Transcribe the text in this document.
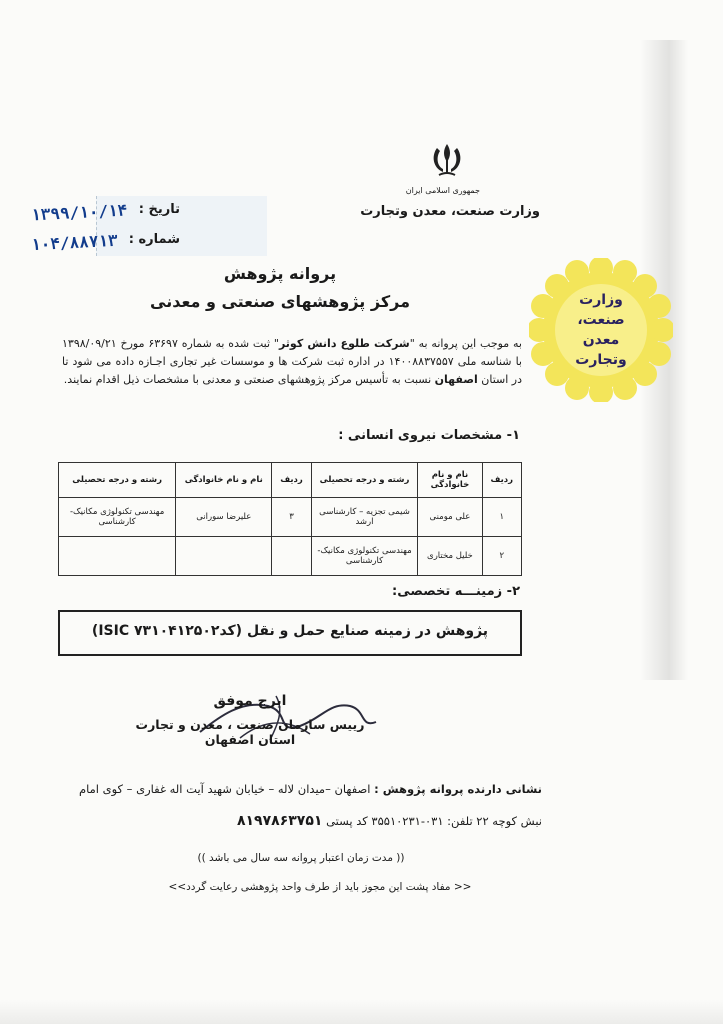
جمهوری اسلامی ایران
وزارت صنعت، معدن وتجارت
تاریخ :
۱۳۹۹/۱۰/۱۴
شماره :
۱۰۴/۸۸۷۱۳
وزارت
صنعت، معدن
وتجارت
پروانه پژوهش
مرکز پژوهشهای صنعتی و معدنی
به موجب این پروانه به "شرکت طلوع دانش کوثر" ثبت شده به شماره ۶۳۶۹۷ مورخ ۱۳۹۸/۰۹/۲۱ با شناسه ملی ۱۴۰۰۸۸۳۷۵۵۷ در اداره ثبت شرکت ها و موسسات غیر تجاری اجـازه داده می شود تا در استان اصفهان نسبت به تأسیس مرکز پژوهشهای صنعتی و معدنی با مشخصات ذیل اقدام نمایند.
۱- مشخصات نیروی انسانی :
ردیف	نام و نام خانوادگی	رشته و درجه تحصیلی	ردیف	نام و نام خانوادگی	رشته و درجه تحصیلی
۱	علی مومنی	شیمی تجزیه – کارشناسی ارشد	۳	علیرضا سورانی	مهندسی تکنولوژی مکانیک- کارشناسی
۲	خلیل مختاری	مهندسی تکنولوژی مکانیک- کارشناسی			
۲- زمینـــه تخصصی:
پژوهش در زمینه صنایع حمل و نقل (کدISIC ۷۳۱۰۴۱۲۵۰۲)
ایرج موفق
رییس سازمان صنعت ، معدن و تجارت استان اصفهان
نشانی دارنده پروانه پژوهش : اصفهان –میدان لاله – خیابان شهید آیت اله غفاری – کوی امام
نبش کوچه ۲۲ تلفن: ۰۳۱-۳۵۵۱۰۲۳۱ کد پستی ۸۱۹۷۸۶۳۷۵۱
(( مدت زمان اعتبار پروانه سه سال می باشد ))
<< مفاد پشت این مجوز باید از طرف واحد پژوهشی رعایت گردد>>
